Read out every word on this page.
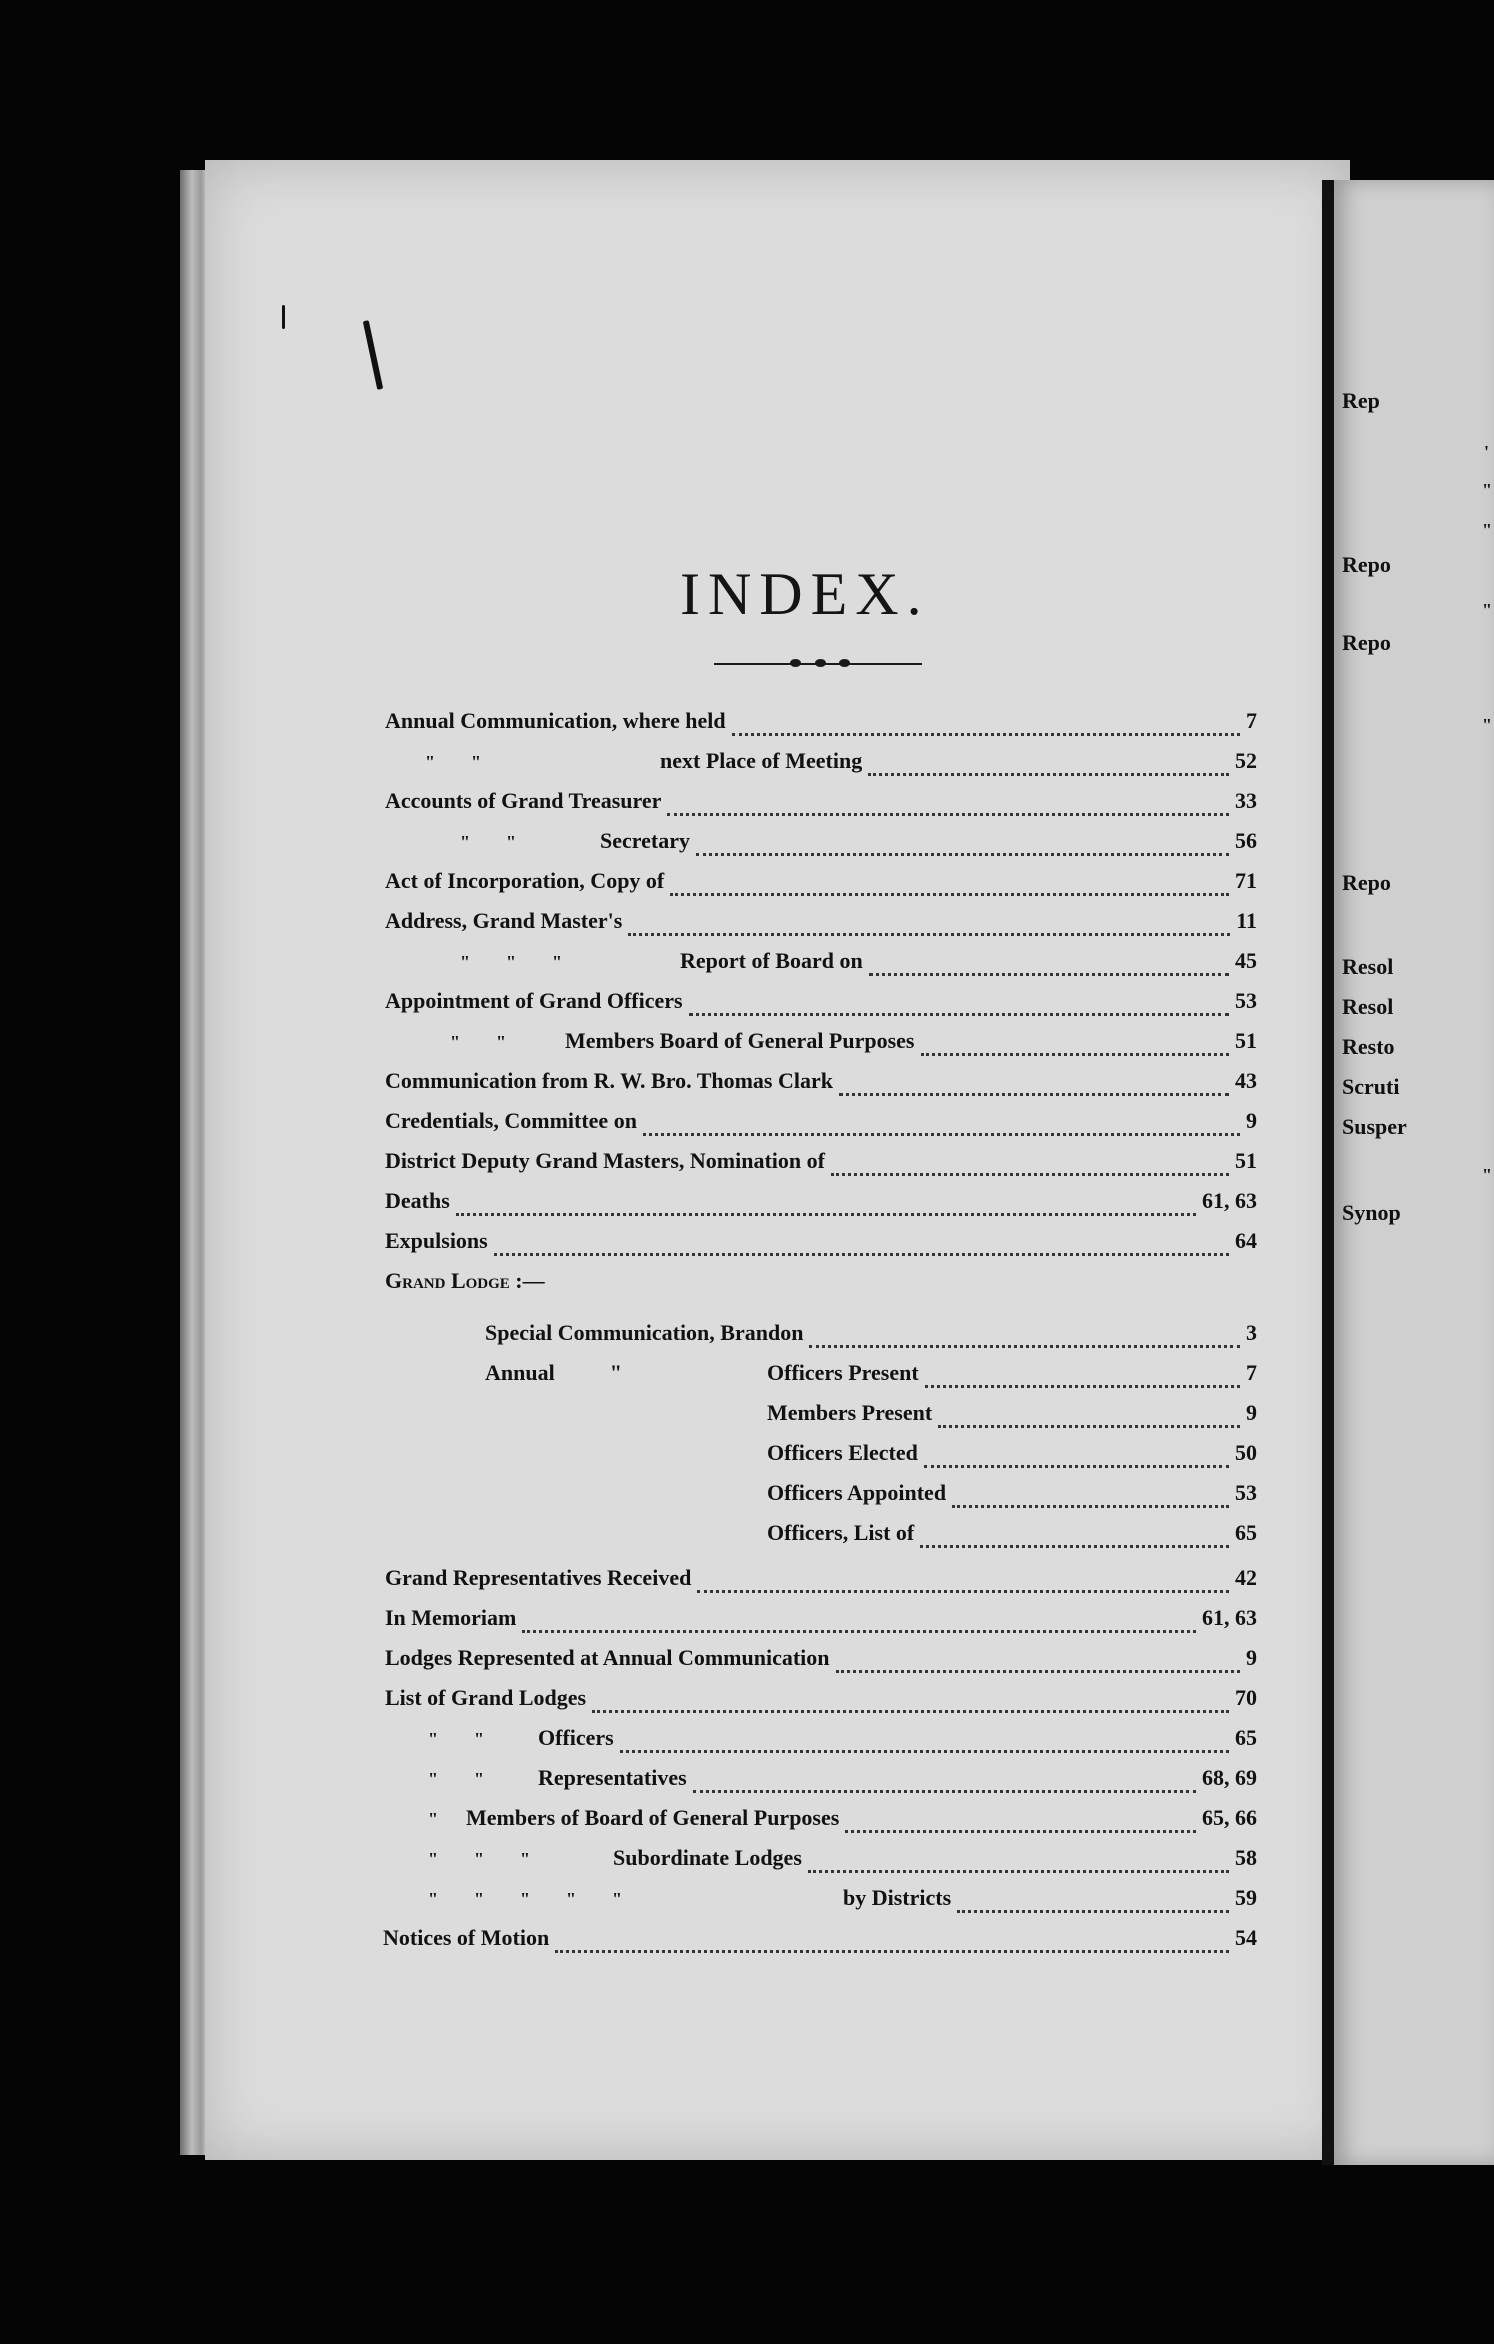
Rep
'
"
"
Repo
"
Repo
"
Repo
Resol
Resol
Resto
Scruti
Susper
"
Synop
INDEX.
Annual Communication, where held	7
"        "	next Place of Meeting	52
Accounts of Grand Treasurer	33
"        "	Secretary	56
Act of Incorporation, Copy of	71
Address, Grand Master's	11
"        "        "	Report of Board on	45
Appointment of Grand Officers	53
"        "	Members Board of General Purposes	51
Communication from R. W. Bro. Thomas Clark	43
Credentials, Committee on	9
District Deputy Grand Masters, Nomination of	51
Deaths	61, 63
Expulsions	64
Grand Lodge :—
Special Communication, Brandon	3
Annual          "	Officers Present	7
Members Present	9
Officers Elected	50
Officers Appointed	53
Officers, List of	65
Grand Representatives Received	42
In Memoriam	61, 63
Lodges Represented at Annual Communication	9
List of Grand Lodges	70
"        "	Officers	65
"        "	Representatives	68, 69
"	Members of Board of General Purposes	65, 66
"        "        "	Subordinate Lodges	58
"        "        "        "        "	by Districts	59
Notices of Motion	54
